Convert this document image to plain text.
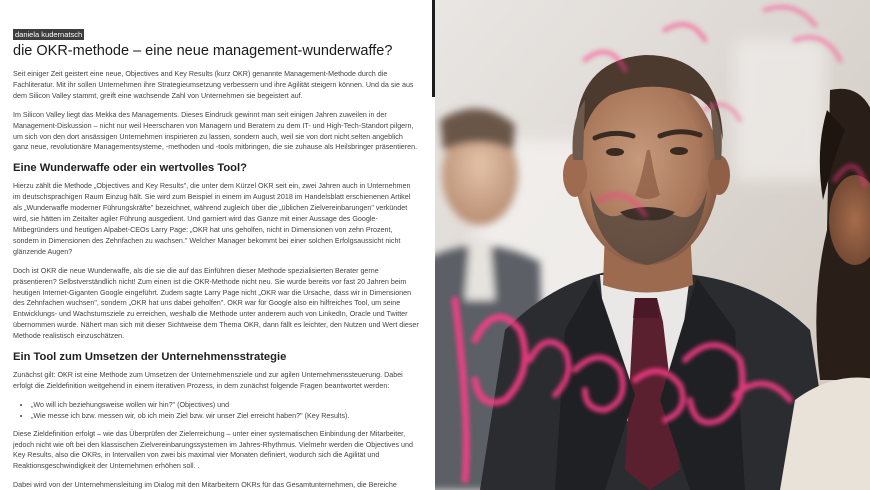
daniela kudernatsch
die OKR-methode – eine neue management-wunderwaffe?

Seit einiger Zeit geistert eine neue, Objectives and Key Results (kurz OKR) genannte Management-Methode durch die Fachliteratur. Mit ihr sollen Unternehmen ihre Strategieumsetzung verbessern und ihre Agilität steigern können. Und da sie aus dem Silicon Valley stammt, greift eine wachsende Zahl von Unternehmen sie begeistert auf.

Im Silicon Valley liegt das Mekka des Managements. Dieses Eindruck gewinnt man seit einigen Jahren zuweilen in der Management-Diskussion – nicht nur weil Heerscharen von Managern und Beratern zu dem IT- und High-Tech-Standort pilgern, um sich von den dort ansässigen Unternehmen inspirieren zu lassen, sondern auch, weil sie von dort nicht selten angeblich ganz neue, revolutionäre Managementsysteme, -methoden und -tools mitbringen, die sie zuhause als Heilsbringer präsentieren.

Eine Wunderwaffe oder ein wertvolles Tool?

Hierzu zählt die Methode „Objectives and Key Results", die unter dem Kürzel OKR seit ein, zwei Jahren auch in Unternehmen im deutschsprachigen Raum Einzug hält. Sie wird zum Beispiel in einem im August 2018 im Handelsblatt erschienenen Artikel als „Wunderwaffe moderner Führungskräfte" bezeichnet, während zugleich über die „üblichen Zielvereinbarungen" verkündet wird, sie hätten im Zeitalter agiler Führung ausgedient. Und garniert wird das Ganze mit einer Aussage des Google-Mitbegründers und heutigen Alpabet-CEOs Larry Page: „OKR hat uns geholfen, nicht in Dimensionen von zehn Prozent, sondern in Dimensionen des Zehnfachen zu wachsen." Welcher Manager bekommt bei einer solchen Erfolgsaussicht nicht glänzende Augen?

Doch ist OKR die neue Wunderwaffe, als die sie die auf das Einführen dieser Methode spezialisierten Berater gerne präsentieren? Selbstverständlich nicht! Zum einen ist die OKR-Methode nicht neu. Sie wurde bereits vor fast 20 Jahren beim heutigen Internet-Giganten Google eingeführt. Zudem sagte Larry Page nicht „OKR war die Ursache, dass wir in Dimensionen des Zehnfachen wuchsen", sondern „OKR hat uns dabei geholfen". OKR war für Google also ein hilfreiches Tool, um seine Entwicklungs- und Wachstumsziele zu erreichen, weshalb die Methode unter anderem auch von LinkedIn, Oracle und Twitter übernommen wurde. Nähert man sich mit dieser Sichtweise dem Thema OKR, dann fällt es leichter, den Nutzen und Wert dieser Methode realistisch einzuschätzen.

Ein Tool zum Umsetzen der Unternehmensstrategie

Zunächst gilt: OKR ist eine Methode zum Umsetzen der Unternehmensziele und zur agilen Unternehmenssteuerung. Dabei erfolgt die Zieldefinition weitgehend in einem iterativen Prozess, in dem zunächst folgende Fragen beantwortet werden:

• „Wo will ich beziehungsweise wollen wir hin?" (Objectives) und
• „Wie messe ich bzw. messen wir, ob ich mein Ziel bzw. wir unser Ziel erreicht haben?" (Key Results).

Diese Zieldefinition erfolgt – wie das Überprüfen der Zielerreichung – unter einer systematischen Einbindung der Mitarbeiter, jedoch nicht wie oft bei den klassischen Zielvereinbarungssystemen im Jahres-Rhythmus. Vielmehr werden die Objectives und Key Results, also die OKRs, in Intervallen von zwei bis maximal vier Monaten definiert, wodurch sich die Agilität und Reaktionsgeschwindigkeit der Unternehmen erhöhen soll. .

Dabei wird von der Unternehmensleitung im Dialog mit den Mitarbeitern OKRs für das Gesamtunternehmen, die Bereiche
